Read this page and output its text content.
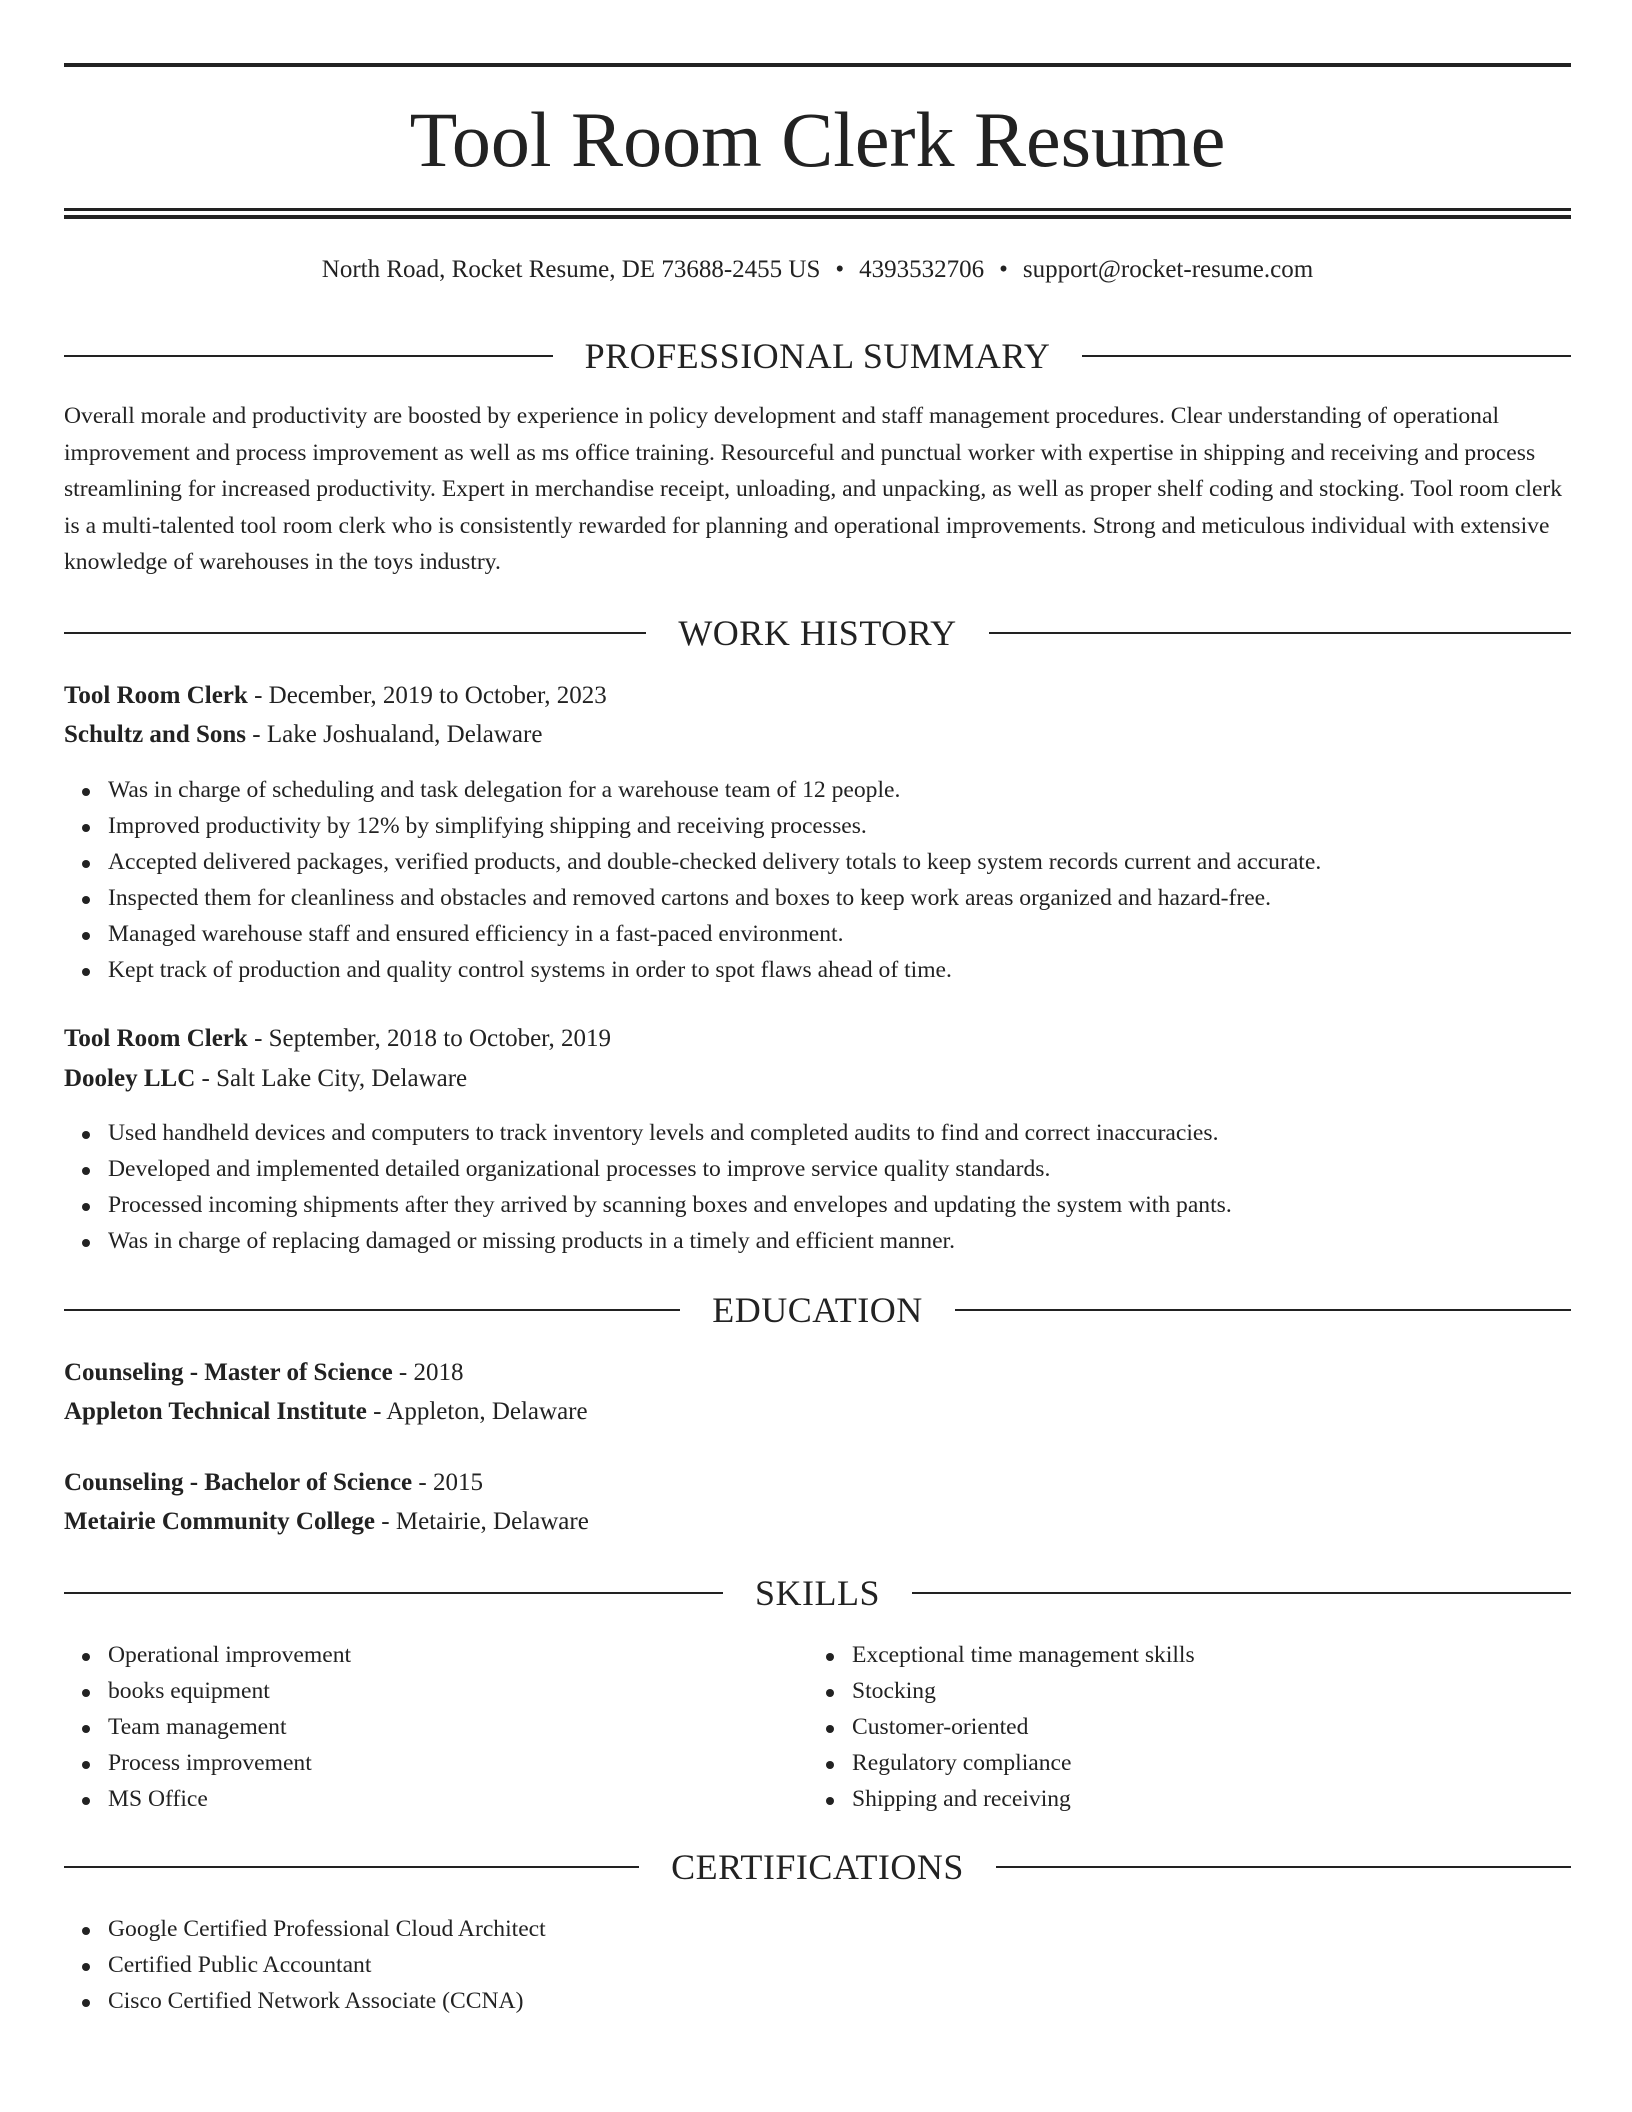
Tool Room Clerk Resume
North Road, Rocket Resume, DE 73688-2455 US • 4393532706 • support@rocket-resume.com
PROFESSIONAL SUMMARY

Overall morale and productivity are boosted by experience in policy development and staff management procedures. Clear understanding of operational improvement and process improvement as well as ms office training. Resourceful and punctual worker with expertise in shipping and receiving and process streamlining for increased productivity. Expert in merchandise receipt, unloading, and unpacking, as well as proper shelf coding and stocking. Tool room clerk is a multi-talented tool room clerk who is consistently rewarded for planning and operational improvements. Strong and meticulous individual with extensive knowledge of warehouses in the toys industry.

WORK HISTORY
Tool Room Clerk - December, 2019 to October, 2023
Schultz and Sons - Lake Joshualand, Delaware
Was in charge of scheduling and task delegation for a warehouse team of 12 people.
Improved productivity by 12% by simplifying shipping and receiving processes.
Accepted delivered packages, verified products, and double-checked delivery totals to keep system records current and accurate.
Inspected them for cleanliness and obstacles and removed cartons and boxes to keep work areas organized and hazard-free.
Managed warehouse staff and ensured efficiency in a fast-paced environment.
Kept track of production and quality control systems in order to spot flaws ahead of time.
Tool Room Clerk - September, 2018 to October, 2019
Dooley LLC - Salt Lake City, Delaware
Used handheld devices and computers to track inventory levels and completed audits to find and correct inaccuracies.
Developed and implemented detailed organizational processes to improve service quality standards.
Processed incoming shipments after they arrived by scanning boxes and envelopes and updating the system with pants.
Was in charge of replacing damaged or missing products in a timely and efficient manner.
EDUCATION
Counseling - Master of Science - 2018
Appleton Technical Institute - Appleton, Delaware
Counseling - Bachelor of Science - 2015
Metairie Community College - Metairie, Delaware
SKILLS
Operational improvement
books equipment
Team management
Process improvement
MS Office
Exceptional time management skills
Stocking
Customer-oriented
Regulatory compliance
Shipping and receiving
CERTIFICATIONS
Google Certified Professional Cloud Architect
Certified Public Accountant
Cisco Certified Network Associate (CCNA)
